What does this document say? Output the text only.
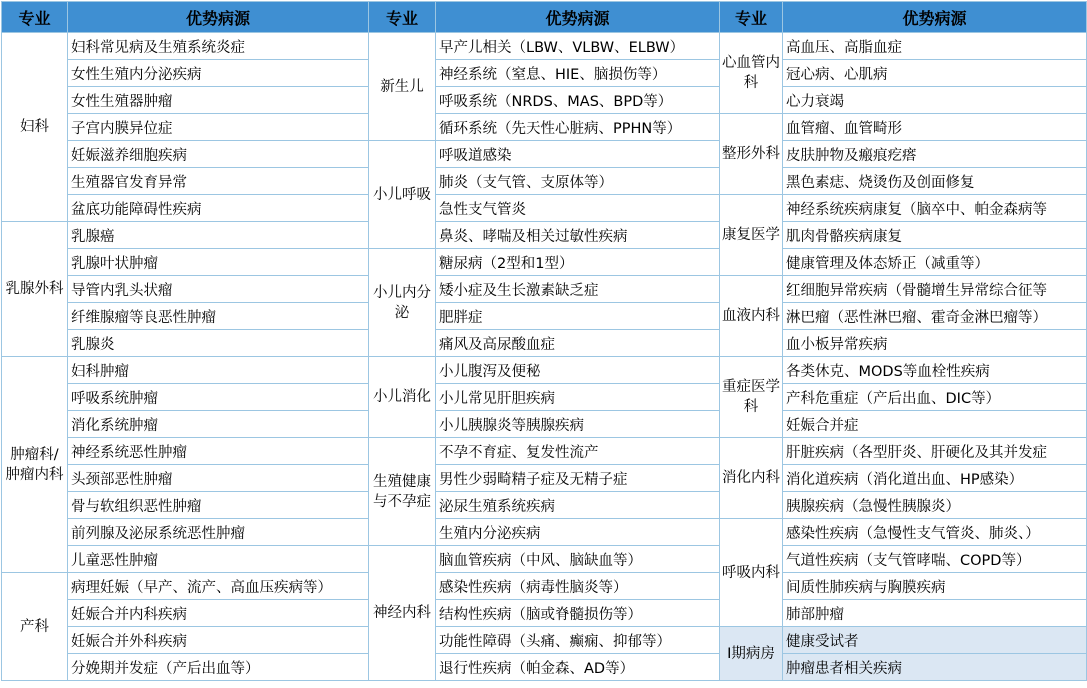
专业	优势病源	专业	优势病源	专业	优势病源
妇科	妇科常见病及生殖系统炎症	新生儿	早产儿相关（LBW、VLBW、ELBW）	心血管内科	高血压、高脂血症
	女性生殖内分泌疾病		神经系统（窒息、HIE、脑损伤等）		冠心病、心肌病
	女性生殖器肿瘤		呼吸系统（NRDS、MAS、BPD等）		心力衰竭
	子宫内膜异位症		循环系统（先天性心脏病、PPHN等）	整形外科	血管瘤、血管畸形
	妊娠滋养细胞疾病	小儿呼吸	呼吸道感染		皮肤肿物及瘢痕疙瘩
	生殖器官发育异常		肺炎（支气管、支原体等）		黑色素痣、烧烫伤及创面修复
	盆底功能障碍性疾病		急性支气管炎	康复医学	神经系统疾病康复（脑卒中、帕金森病等
乳腺外科	乳腺癌		鼻炎、哮喘及相关过敏性疾病		肌肉骨骼疾病康复
	乳腺叶状肿瘤	小儿内分泌	糖尿病（2型和1型）		健康管理及体态矫正（减重等）
	导管内乳头状瘤		矮小症及生长激素缺乏症	血液内科	红细胞异常疾病（骨髓增生异常综合征等
	纤维腺瘤等良恶性肿瘤		肥胖症		淋巴瘤（恶性淋巴瘤、霍奇金淋巴瘤等）
	乳腺炎		痛风及高尿酸血症		血小板异常疾病
肿瘤科/肿瘤内科	妇科肿瘤	小儿消化	小儿腹泻及便秘	重症医学科	各类休克、MODS等血栓性疾病
	呼吸系统肿瘤		小儿常见肝胆疾病		产科危重症（产后出血、DIC等）
	消化系统肿瘤		小儿胰腺炎等胰腺疾病		妊娠合并症
	神经系统恶性肿瘤	生殖健康与不孕症	不孕不育症、复发性流产	消化内科	肝脏疾病（各型肝炎、肝硬化及其并发症
	头颈部恶性肿瘤		男性少弱畸精子症及无精子症		消化道疾病（消化道出血、HP感染）
	骨与软组织恶性肿瘤		泌尿生殖系统疾病		胰腺疾病（急慢性胰腺炎）
	前列腺及泌尿系统恶性肿瘤		生殖内分泌疾病	呼吸内科	感染性疾病（急慢性支气管炎、肺炎、）
	儿童恶性肿瘤	神经内科	脑血管疾病（中风、脑缺血等）		气道性疾病（支气管哮喘、COPD等）
产科	病理妊娠（早产、流产、高血压疾病等）		感染性疾病（病毒性脑炎等）		间质性肺疾病与胸膜疾病
	妊娠合并内科疾病		结构性疾病（脑或脊髓损伤等）		肺部肿瘤
	妊娠合并外科疾病		功能性障碍（头痛、癫痫、抑郁等）	I期病房	健康受试者
	分娩期并发症（产后出血等）		退行性疾病（帕金森、AD等）		肿瘤患者相关疾病
